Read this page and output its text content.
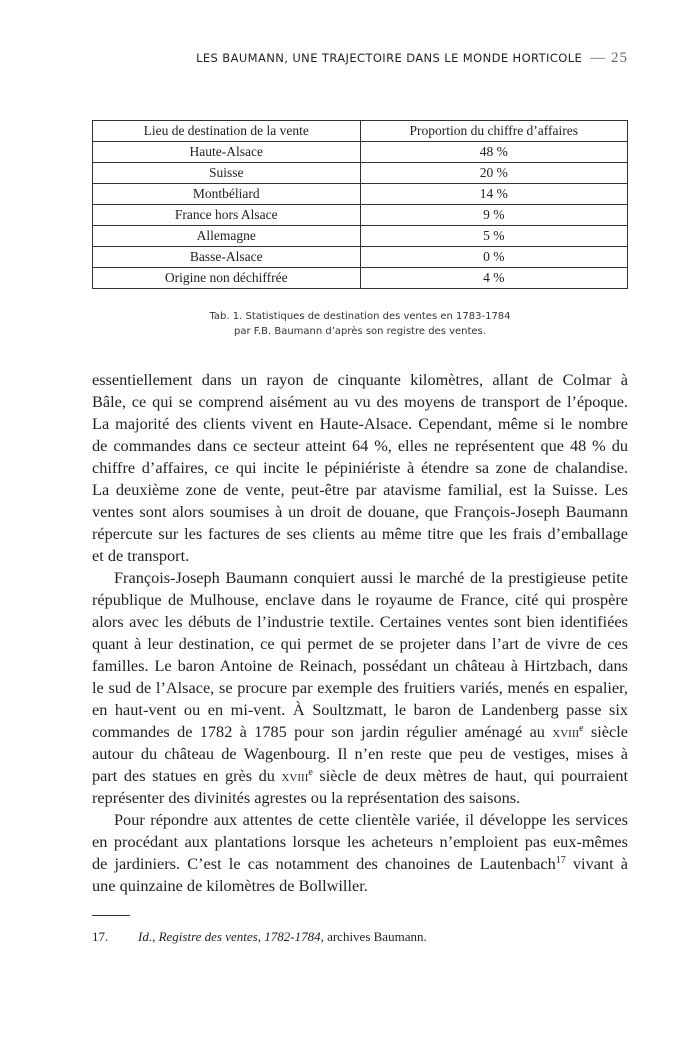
LES BAUMANN, UNE TRAJECTOIRE DANS LE MONDE HORTICOLE — 25
Lieu de destination de la vente	Proportion du chiffre d’affaires
Haute-Alsace	48 %
Suisse	20 %
Montbéliard	14 %
France hors Alsace	9 %
Allemagne	5 %
Basse-Alsace	0 %
Origine non déchiffrée	4 %
Tab. 1. Statistiques de destination des ventes en 1783-1784
par F.B. Baumann d’après son registre des ventes.
essentiellement dans un rayon de cinquante kilomètres, allant de Colmar à
Bâle, ce qui se comprend aisément au vu des moyens de transport de l’époque.
La majorité des clients vivent en Haute-Alsace. Cependant, même si le nombre
de commandes dans ce secteur atteint 64 %, elles ne représentent que 48 % du
chiffre d’affaires, ce qui incite le pépiniériste à étendre sa zone de chalandise.
La deuxième zone de vente, peut-être par atavisme familial, est la Suisse. Les
ventes sont alors soumises à un droit de douane, que François-Joseph Baumann
répercute sur les factures de ses clients au même titre que les frais d’emballage
et de transport.
François-Joseph Baumann conquiert aussi le marché de la prestigieuse petite
république de Mulhouse, enclave dans le royaume de France, cité qui prospère
alors avec les débuts de l’industrie textile. Certaines ventes sont bien identifiées
quant à leur destination, ce qui permet de se projeter dans l’art de vivre de ces
familles. Le baron Antoine de Reinach, possédant un château à Hirtzbach, dans
le sud de l’Alsace, se procure par exemple des fruitiers variés, menés en espalier,
en haut-vent ou en mi-vent. À Soultzmatt, le baron de Landenberg passe six
commandes de 1782 à 1785 pour son jardin régulier aménagé au xviii$^e$ siècle
autour du château de Wagenbourg. Il n’en reste que peu de vestiges, mises à
part des statues en grès du xviii$^e$ siècle de deux mètres de haut, qui pourraient
représenter des divinités agrestes ou la représentation des saisons.
Pour répondre aux attentes de cette clientèle variée, il développe les services
en procédant aux plantations lorsque les acheteurs n’emploient pas eux-mêmes
de jardiniers. C’est le cas notamment des chanoines de Lautenbach$^{17}$ vivant à
une quinzaine de kilomètres de Bollwiller.
17. Id., Registre des ventes, 1782-1784, archives Baumann.
